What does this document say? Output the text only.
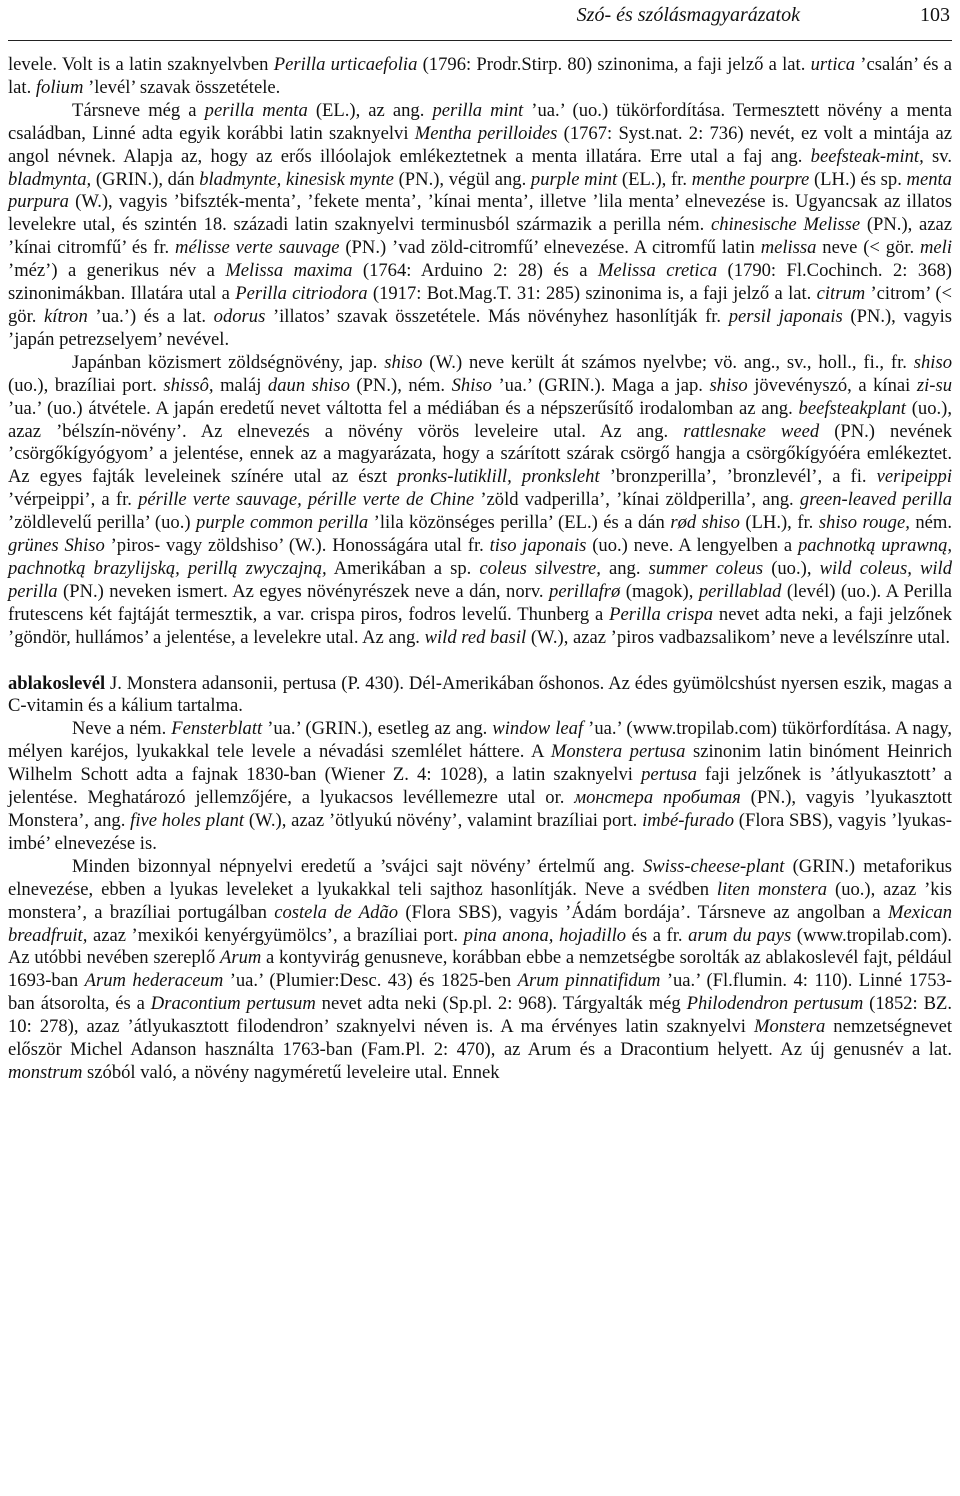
Szó- és szólásmagyarázatok	103

levele. Volt is a latin szaknyelvben Perilla urticaefolia (1796: Prodr.Stirp. 80) szinonima, a faji jelző a lat. urtica ’csalán’ és a lat. folium ’levél’ szavak összetétele.

Társneve még a perilla menta (EL.), az ang. perilla mint ’ua.’ (uo.) tükörfordítása. Termesztett növény a menta családban, Linné adta egyik korábbi latin szaknyelvi Mentha perilloides (1767: Syst.nat. 2: 736) nevét, ez volt a mintája az angol névnek. Alapja az, hogy az erős illóolajok emlékeztetnek a menta illatára. Erre utal a faj ang. beefsteak-mint, sv. bladmynta, (GRIN.), dán bladmynte, kinesisk mynte (PN.), végül ang. purple mint (EL.), fr. menthe pourpre (LH.) és sp. menta purpura (W.), vagyis ’bifszték-menta’, ’fekete menta’, ’kínai menta’, illetve ’lila menta’ elnevezése is. Ugyancsak az illatos levelekre utal, és szintén 18. századi latin szaknyelvi terminusból származik a perilla ném. chinesische Melisse (PN.), azaz ’kínai citromfű’ és fr. mélisse verte sauvage (PN.) ’vad zöld-citromfű’ elnevezése. A citromfű latin melissa neve (< gör. meli ’méz’) a generikus név a Melissa maxima (1764: Arduino 2: 28) és a Melissa cretica (1790: Fl.Cochinch. 2: 368) szinonimákban. Illatára utal a Perilla citriodora (1917: Bot.Mag.T. 31: 285) szinonima is, a faji jelző a lat. citrum ’citrom’ (< gör. kítron ’ua.’) és a lat. odorus ’illatos’ szavak összetétele. Más növényhez hasonlítják fr. persil japonais (PN.), vagyis ’japán petrezselyem’ nevével.

Japánban közismert zöldségnövény, jap. shiso (W.) neve került át számos nyelvbe; vö. ang., sv., holl., fi., fr. shiso (uo.), brazíliai port. shissô, maláj daun shiso (PN.), ném. Shiso ’ua.’ (GRIN.). Maga a jap. shiso jövevényszó, a kínai zi-su ’ua.’ (uo.) átvétele. A japán eredetű nevet váltotta fel a médiában és a népszerűsítő irodalomban az ang. beefsteakplant (uo.), azaz ’bélszín-növény’. Az elnevezés a növény vörös leveleire utal. Az ang. rattlesnake weed (PN.) nevének ’csörgőkígyógyom’ a jelentése, ennek az a magyarázata, hogy a szárított szárak csörgő hangja a csörgőkígyóéra emlékeztet. Az egyes fajták leveleinek színére utal az észt pronks-lutiklill, pronksleht ’bronzperilla’, ’bronzlevél’, a fi. veripeippi ’vérpeippi’, a fr. pérille verte sauvage, pérille verte de Chine ’zöld vadperilla’, ’kínai zöldperilla’, ang. green-leaved perilla ’zöldlevelű perilla’ (uo.) purple common perilla ’lila közönséges perilla’ (EL.) és a dán rød shiso (LH.), fr. shiso rouge, ném. grünes Shiso ’piros- vagy zöldshiso’ (W.). Honosságára utal fr. tiso japonais (uo.) neve. A lengyelben a pachnotką uprawną, pachnotką brazylijską, perillą zwyczajną, Amerikában a sp. coleus silvestre, ang. summer coleus (uo.), wild coleus, wild perilla (PN.) neveken ismert. Az egyes növényrészek neve a dán, norv. perillafrø (magok), perillablad (levél) (uo.). A Perilla frutescens két fajtáját termesztik, a var. crispa piros, fodros levelű. Thunberg a Perilla crispa nevet adta neki, a faji jelzőnek ’göndör, hullámos’ a jelentése, a levelekre utal. Az ang. wild red basil (W.), azaz ’piros vadbazsalikom’ neve a levélszínre utal.

ablakoslevél J. Monstera adansonii, pertusa (P. 430). Dél-Amerikában őshonos. Az édes gyümölcshúst nyersen eszik, magas a C-vitamin és a kálium tartalma.

Neve a ném. Fensterblatt ’ua.’ (GRIN.), esetleg az ang. window leaf ’ua.’ (www.tropilab.com) tükörfordítása. A nagy, mélyen karéjos, lyukakkal tele levele a névadási szemlélet háttere. A Monstera pertusa szinonim latin binóment Heinrich Wilhelm Schott adta a fajnak 1830-ban (Wiener Z. 4: 1028), a latin szaknyelvi pertusa faji jelzőnek is ’átlyukasztott’ a jelentése. Meghatározó jellemzőjére, a lyukacsos levéllemezre utal or. монстера пробитая (PN.), vagyis ’lyukasztott Monstera’, ang. five holes plant (W.), azaz ’ötlyukú növény’, valamint brazíliai port. imbé-furado (Flora SBS), vagyis ’lyukas-imbé’ elnevezése is.

Minden bizonnyal népnyelvi eredetű a ’svájci sajt növény’ értelmű ang. Swiss-cheese-plant (GRIN.) metaforikus elnevezése, ebben a lyukas leveleket a lyukakkal teli sajthoz hasonlítják. Neve a svédben liten monstera (uo.), azaz ’kis monstera’, a brazíliai portugálban costela de Adão (Flora SBS), vagyis ’Ádám bordája’. Társneve az angolban a Mexican breadfruit, azaz ’mexikói kenyérgyümölcs’, a brazíliai port. pina anona, hojadillo és a fr. arum du pays (www.tropilab.com). Az utóbbi nevében szereplő Arum a kontyvirág genusneve, korábban ebbe a nemzetségbe sorolták az ablakoslevél fajt, például 1693-ban Arum hederaceum ’ua.’ (Plumier:Desc. 43) és 1825-ben Arum pinnatifidum ’ua.’ (Fl.flumin. 4: 110). Linné 1753-ban átsorolta, és a Dracontium pertusum nevet adta neki (Sp.pl. 2: 968). Tárgyalták még Philodendron pertusum (1852: BZ. 10: 278), azaz ’átlyukasztott filodendron’ szaknyelvi néven is. A ma érvényes latin szaknyelvi Monstera nemzetségnevet először Michel Adanson használta 1763-ban (Fam.Pl. 2: 470), az Arum és a Dracontium helyett. Az új genusnév a lat. monstrum szóból való, a növény nagyméretű leveleire utal. Ennek
